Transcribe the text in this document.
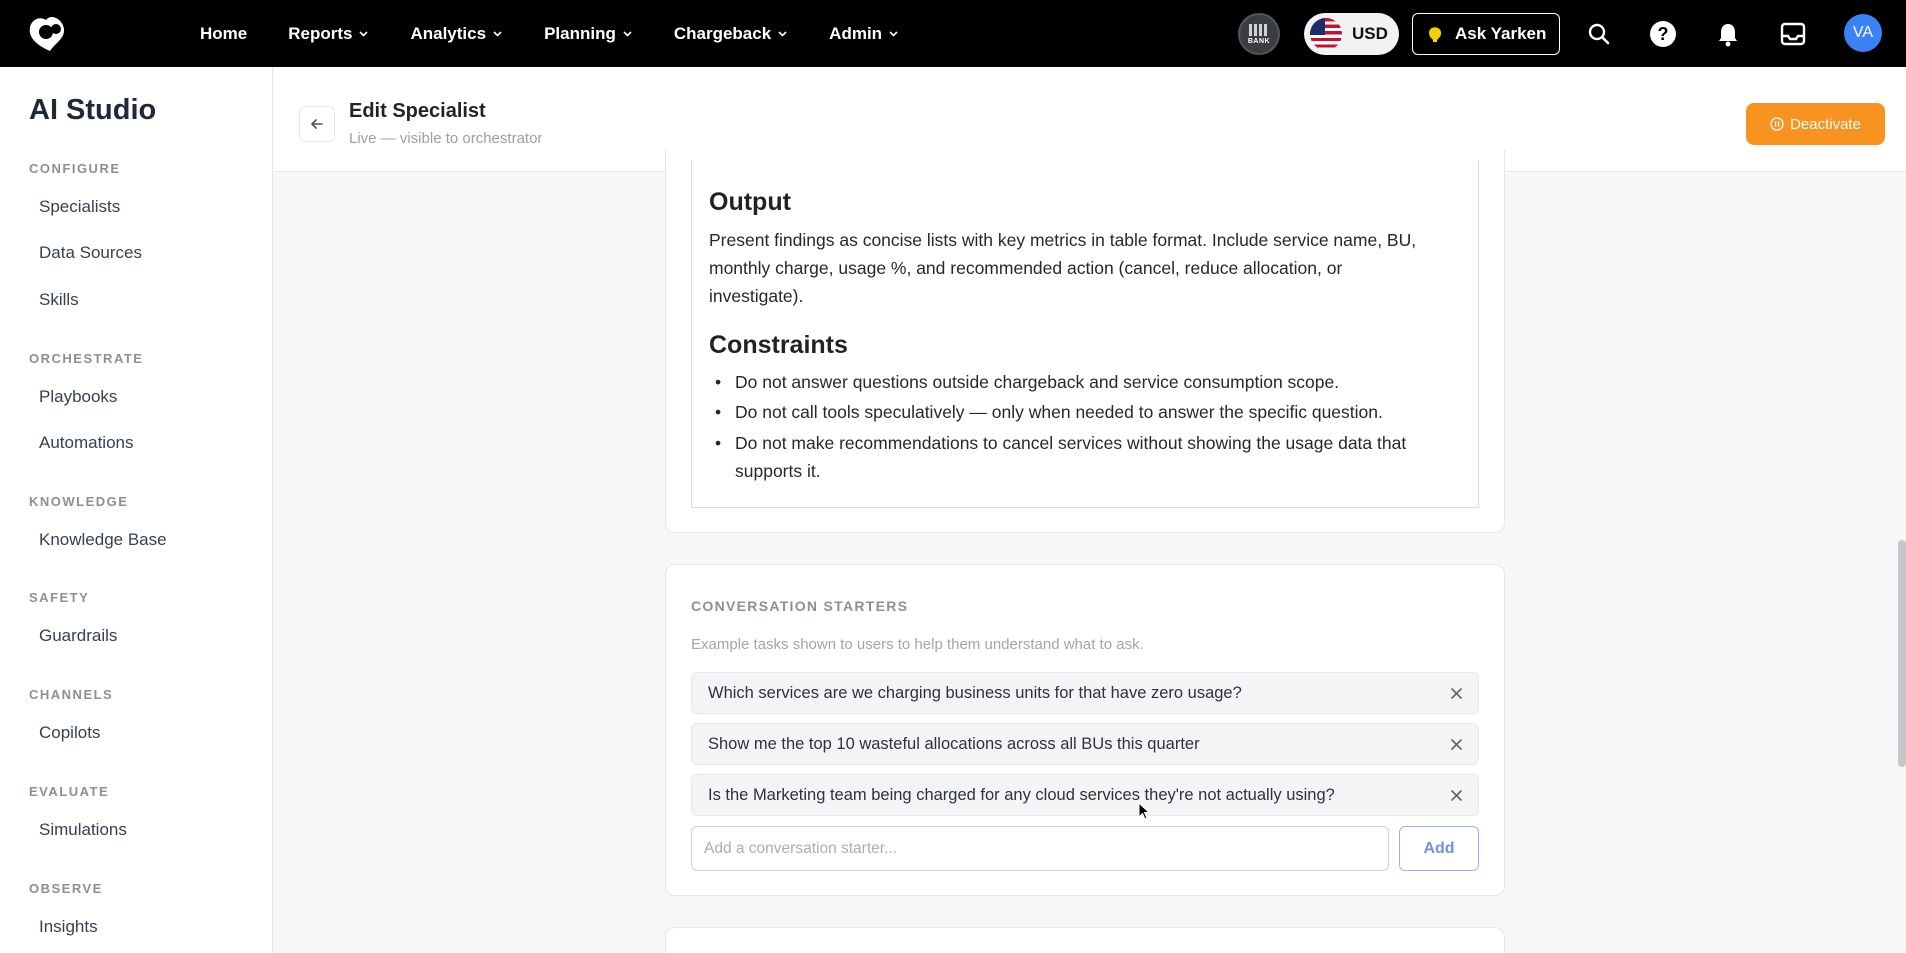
Home Reports	Analytics	Planning	Chargeback	Admin	BANK	USD	Ask Yarken	?	VA
AI Studio
CONFIGURE
Specialists
Data Sources
Skills
ORCHESTRATE
Playbooks
Automations
KNOWLEDGE
Knowledge Base
SAFETY
Guardrails
CHANNELS
Copilots
EVALUATE
Simulations
OBSERVE
Insights
Edit Specialist
Live — visible to orchestrator
Deactivate
Output
Present findings as concise lists with key metrics in table format. Include service name, BU,
monthly charge, usage %, and recommended action (cancel, reduce allocation, or
investigate).
Constraints
• Do not answer questions outside chargeback and service consumption scope.
• Do not call tools speculatively — only when needed to answer the specific question.
• Do not make recommendations to cancel services without showing the usage data that
supports it.
CONVERSATION STARTERS
Example tasks shown to users to help them understand what to ask.
Which services are we charging business units for that have zero usage?
Show me the top 10 wasteful allocations across all BUs this quarter
Is the Marketing team being charged for any cloud services they're not actually using?
Add a conversation starter...
Add
